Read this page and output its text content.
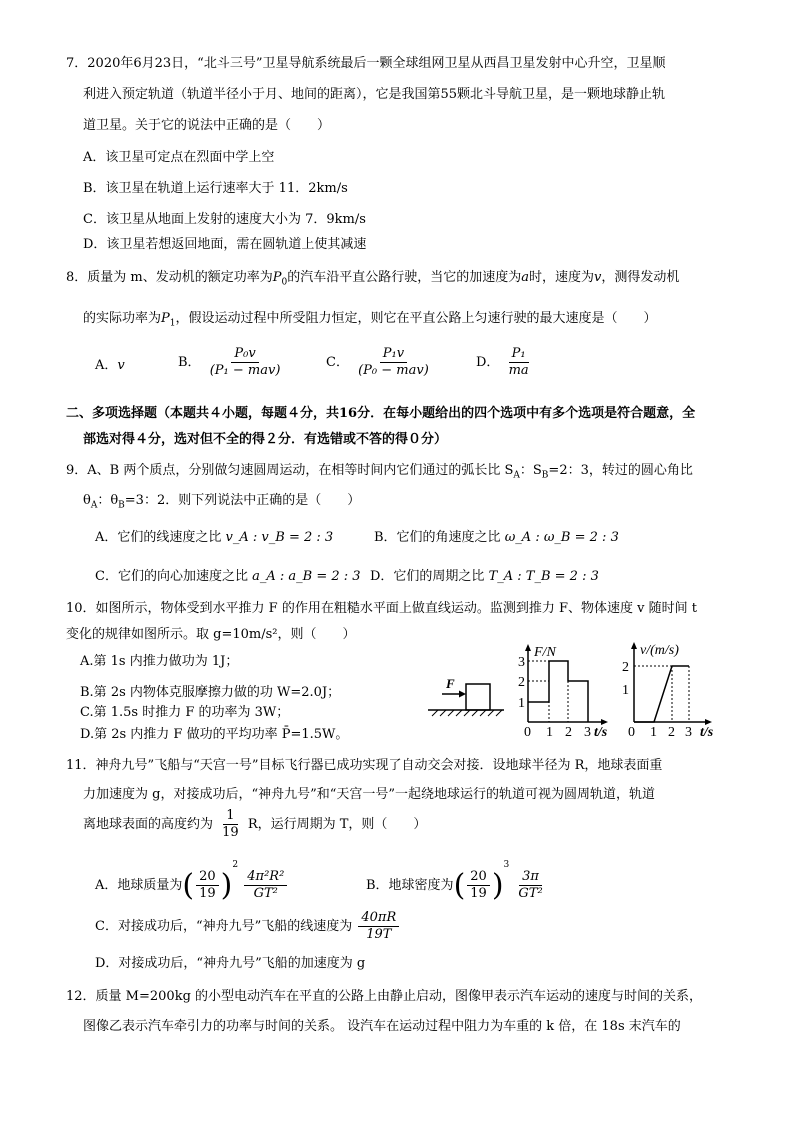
7．2020年6月23日，“北斗三号”卫星导航系统最后一颗全球组网卫星从西昌卫星发射中心升空，卫星顺
利进入预定轨道（轨道半径小于月、地间的距离），它是我国第55颗北斗导航卫星，是一颗地球静止轨
道卫星。关于它的说法中正确的是（　　）
A．该卫星可定点在烈面中学上空
B．该卫星在轨道上运行速率大于 11．2km/s
C．该卫星从地面上发射的速度大小为 7．9km/s
D．该卫星若想返回地面，需在圆轨道上使其减速
8．质量为 m、发动机的额定功率为$P_0$的汽车沿平直公路行驶，当它的加速度为a时，速度为v，测得发动机
的实际功率为$P_1$，假设运动过程中所受阻力恒定，则它在平直公路上匀速行驶的最大速度是（　　）
A．v	B． $\frac{\text{P₀v}}{\text{(P₁ − mav)}}$	C． $\frac{\text{P₁v}}{\text{(P₀ − mav)}}$	D． $\frac{\text{P₁}}{ma}$
二、多项选择题（本题共４小题，每题４分，共16分．在每小题给出的四个选项中有多个选项是符合题意，全
部选对得４分，选对但不全的得２分．有选错或不答的得０分）
9．A、B 两个质点，分别做匀速圆周运动，在相等时间内它们通过的弧长比 $S_A$：$S_B=2$：3，转过的圆心角比
$\theta_A$：$\theta_B=3$：2．则下列说法中正确的是（　　）
A．它们的线速度之比 v_A : v_B = 2 : 3	B．它们的角速度之比 ω_A : ω_B = 2 : 3
C．它们的向心加速度之比 a_A : a_B = 2 : 3 D．它们的周期之比 T_A : T_B = 2 : 3
10．如图所示，物体受到水平推力 F 的作用在粗糙水平面上做直线运动。监测到推力 F、物体速度 v 随时间 t
变化的规律如图所示。取 g=10m/s²，则（　　）
A.第 1s 内推力做功为 1J；
B.第 2s 内物体克服摩擦力做的功 W=2.0J；
C.第 1.5s 时推力 F 的功率为 3W；
D.第 2s 内推力 F 做功的平均功率 P̄=1.5W。
F
F/N
3
2
1
0 1 2 3 t/s
v/(m/s)
2
1
0 1 2 3 t/s
11．神舟九号”飞船与“天宫一号”目标飞行器已成功实现了自动交会对接．设地球半径为 R，地球表面重
力加速度为 g，对接成功后，“神舟九号”和“天宫一号”一起绕地球运行的轨道可视为圆周轨道，轨道
离地球表面的高度约为 $\frac{1}{19}$ R，运行周期为 T，则（　　）
A．地球质量为( $\frac{20}{19} )^2$
$\frac{\text{4π²R²}}{\text{GT²}}$	B．地球密度为( $\frac{20}{19} )^3$
$\frac{3\pi}{\text{GT²}}$
C．对接成功后，“神舟九号”飞船的线速度为 $\frac{40\pi R}{19T}$
D．对接成功后，“神舟九号”飞船的加速度为 g
12．质量 M=200kg 的小型电动汽车在平直的公路上由静止启动，图像甲表示汽车运动的速度与时间的关系，
图像乙表示汽车牵引力的功率与时间的关系。 设汽车在运动过程中阻力为车重的 k 倍，在 18s 末汽车的
